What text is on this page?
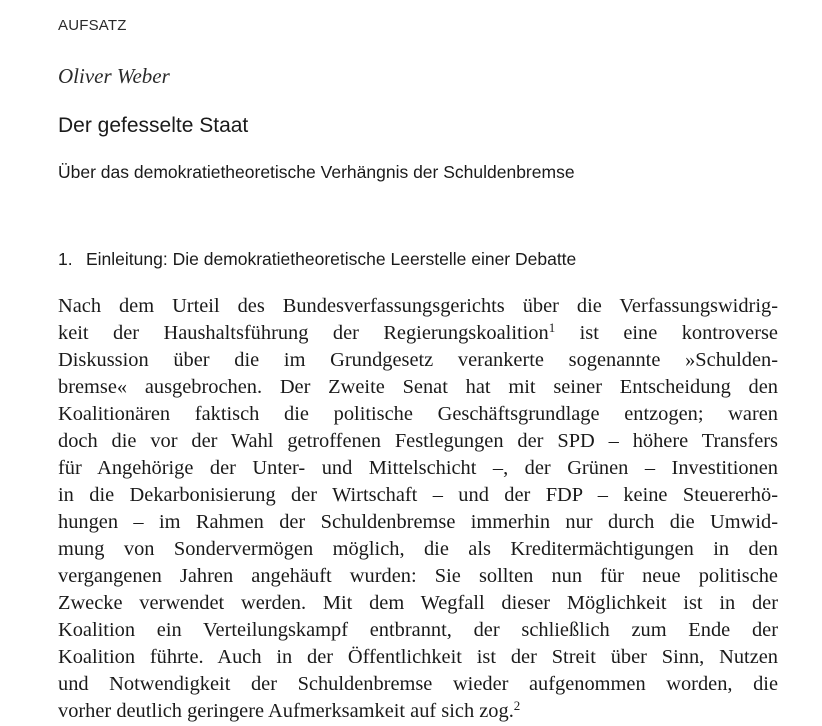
AUFSATZ
Oliver Weber
Der gefesselte Staat
Über das demokratietheoretische Verhängnis der Schuldenbremse
1. Einleitung: Die demokratietheoretische Leerstelle einer Debatte
Nach dem Urteil des Bundesverfassungsgerichts über die Verfassungswidrig-
keit der Haushaltsführung der Regierungskoalition$^1$ ist eine kontroverse
Diskussion über die im Grundgesetz verankerte sogenannte »Schulden-
bremse« ausgebrochen. Der Zweite Senat hat mit seiner Entscheidung den
Koalitionären faktisch die politische Geschäftsgrundlage entzogen; waren
doch die vor der Wahl getroffenen Festlegungen der SPD – höhere Transfers
für Angehörige der Unter- und Mittelschicht –, der Grünen – Investitionen
in die Dekarbonisierung der Wirtschaft – und der FDP – keine Steuererhö-
hungen – im Rahmen der Schuldenbremse immerhin nur durch die Umwid-
mung von Sondervermögen möglich, die als Kreditermächtigungen in den
vergangenen Jahren angehäuft wurden: Sie sollten nun für neue politische
Zwecke verwendet werden. Mit dem Wegfall dieser Möglichkeit ist in der
Koalition ein Verteilungskampf entbrannt, der schließlich zum Ende der
Koalition führte. Auch in der Öffentlichkeit ist der Streit über Sinn, Nutzen
und Notwendigkeit der Schuldenbremse wieder aufgenommen worden, die
vorher deutlich geringere Aufmerksamkeit auf sich zog.$^2$
